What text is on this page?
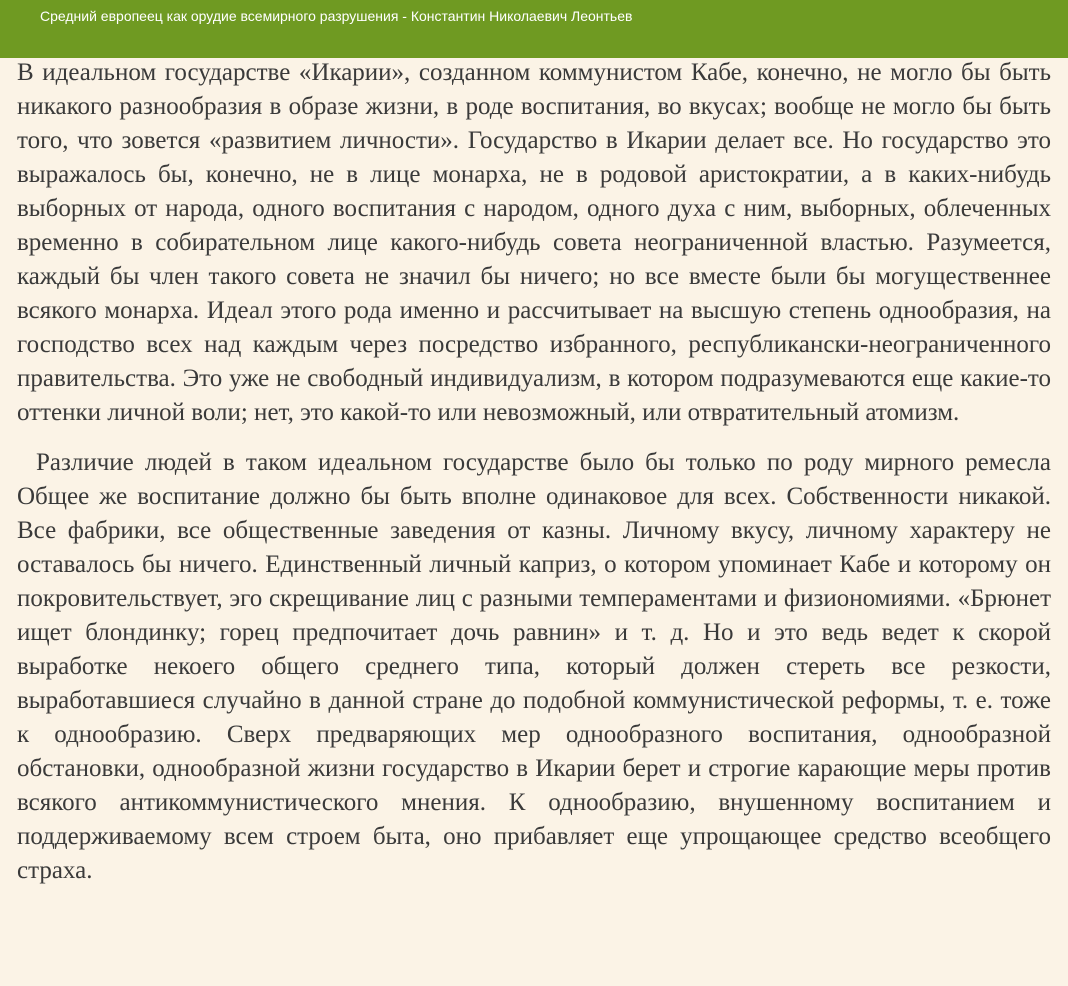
Средний европеец как орудие всемирного разрушения - Константин Николаевич Леонтьев

В идеальном государстве «Икарии», созданном коммунистом Кабе, конечно, не могло бы быть никакого разнообразия в образе жизни, в роде воспитания, во вкусах; вообще не могло бы быть того, что зовется «развитием личности». Государство в Икарии делает все. Но государство это выражалось бы, конечно, не в лице монарха, не в родовой аристократии, а в каких-нибудь выборных от народа, одного воспитания с народом, одного духа с ним, выборных, облеченных временно в собирательном лице какого-нибудь совета неограниченной властью. Разумеется, каждый бы член такого совета не значил бы ничего; но все вместе были бы могущественнее всякого монарха. Идеал этого рода именно и рассчитывает на высшую степень однообразия, на господство всех над каждым через посредство избранного, республикански-неограниченного правительства. Это уже не свободный индивидуализм, в котором подразумеваются еще какие-то оттенки личной воли; нет, это какой-то или невозможный, или отвратительный атомизм.

Различие людей в таком идеальном государстве было бы только по роду мирного ремесла Общее же воспитание должно бы быть вполне одинаковое для всех. Собственности никакой. Все фабрики, все общественные заведения от казны. Личному вкусу, личному характеру не оставалось бы ничего. Единственный личный каприз, о котором упоминает Кабе и которому он покровительствует, эго скрещивание лиц с разными темпераментами и физиономиями. «Брюнет ищет блондинку; горец предпочитает дочь равнин» и т. д. Но и это ведь ведет к скорой выработке некоего общего среднего типа, который должен стереть все резкости, выработавшиеся случайно в данной стране до подобной коммунистической реформы, т. е. тоже к однообразию. Сверх предваряющих мер однообразного воспитания, однообразной обстановки, однообразной жизни государство в Икарии берет и строгие карающие меры против всякого антикоммунистического мнения. К однообразию, внушенному воспитанием и поддерживаемому всем строем быта, оно прибавляет еще упрощающее средство всеобщего страха.
